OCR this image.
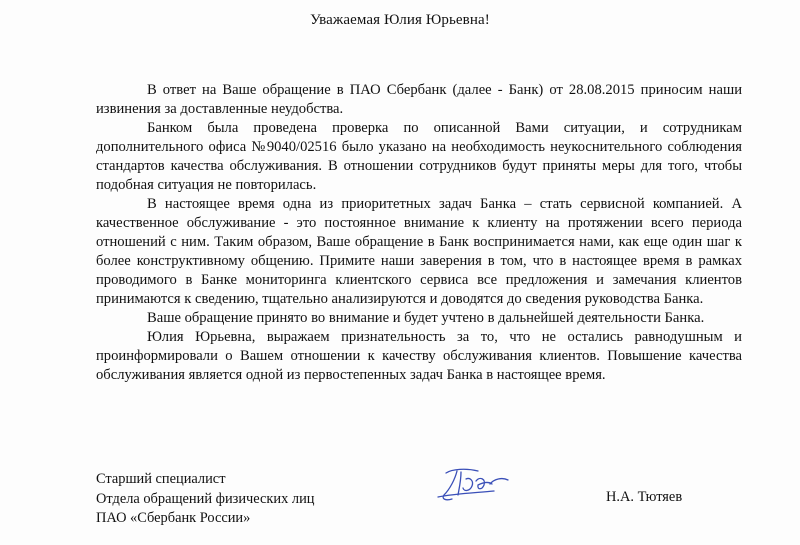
Уважаемая Юлия Юрьевна!

В ответ на Ваше обращение в ПАО Сбербанк (далее - Банк) от 28.08.2015 приносим наши извинения за доставленные неудобства.

Банком была проведена проверка по описанной Вами ситуации, и сотрудникам дополнительного офиса №9040/02516 было указано на необходимость неукоснительного соблюдения стандартов качества обслуживания. В отношении сотрудников будут приняты меры для того, чтобы подобная ситуация не повторилась.

В настоящее время одна из приоритетных задач Банка – стать сервисной компанией. А качественное обслуживание - это постоянное внимание к клиенту на протяжении всего периода отношений с ним. Таким образом, Ваше обращение в Банк воспринимается нами, как еще один шаг к более конструктивному общению. Примите наши заверения в том, что в настоящее время в рамках проводимого в Банке мониторинга клиентского сервиса все предложения и замечания клиентов принимаются к сведению, тщательно анализируются и доводятся до сведения руководства Банка.

Ваше обращение принято во внимание и будет учтено в дальнейшей деятельности Банка.

Юлия Юрьевна, выражаем признательность за то, что не остались равнодушным и проинформировали о Вашем отношении к качеству обслуживания клиентов. Повышение качества обслуживания является одной из первостепенных задач Банка в настоящее время.

Старший специалист
Отдела обращений физических лиц
ПАО «Сбербанк России»
Н.А. Тютяев
